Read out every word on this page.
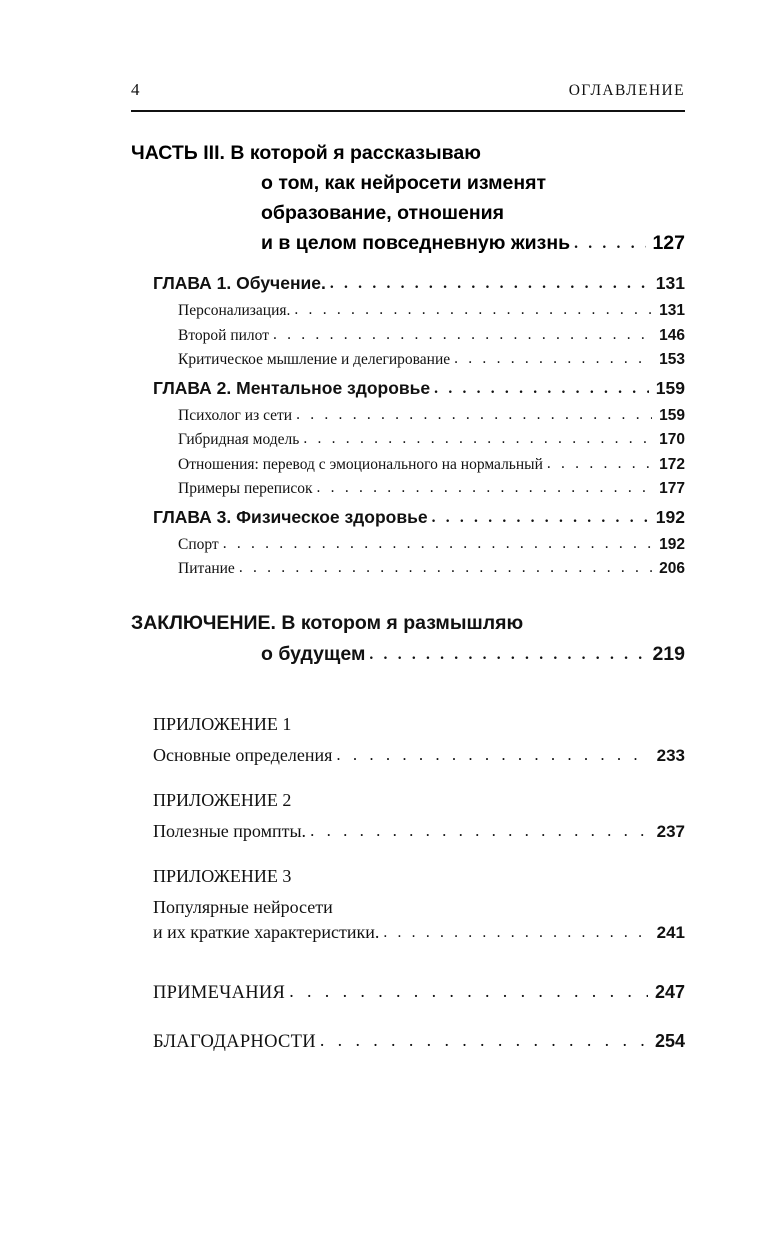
4	ОГЛАВЛЕНИЕ
ЧАСТЬ III. В которой я рассказываю
о том, как нейросети изменят
образование, отношения
и в целом повседневную жизнь . . .	127
ГЛАВА 1. Обучение. . . .	131
Персонализация. . . .	131
Второй пилот . . .	146
Критическое мышление и делегирование . . .	153
ГЛАВА 2. Ментальное здоровье . . .	159
Психолог из сети . . .	159
Гибридная модель . . .	170
Отношения: перевод с эмоционального на нормальный . . .	172
Примеры переписок . . .	177
ГЛАВА 3. Физическое здоровье . . .	192
Спорт . . .	192
Питание . . .	206
ЗАКЛЮЧЕНИЕ. В котором я размышляю
о будущем . . .	219
ПРИЛОЖЕНИЕ 1
Основные определения . . .	233
ПРИЛОЖЕНИЕ 2
Полезные промпты. . . .	237
ПРИЛОЖЕНИЕ 3
Популярные нейросети
и их краткие характеристики. . . .	241
ПРИМЕЧАНИЯ . . .	247
БЛАГОДАРНОСТИ . . .	254
